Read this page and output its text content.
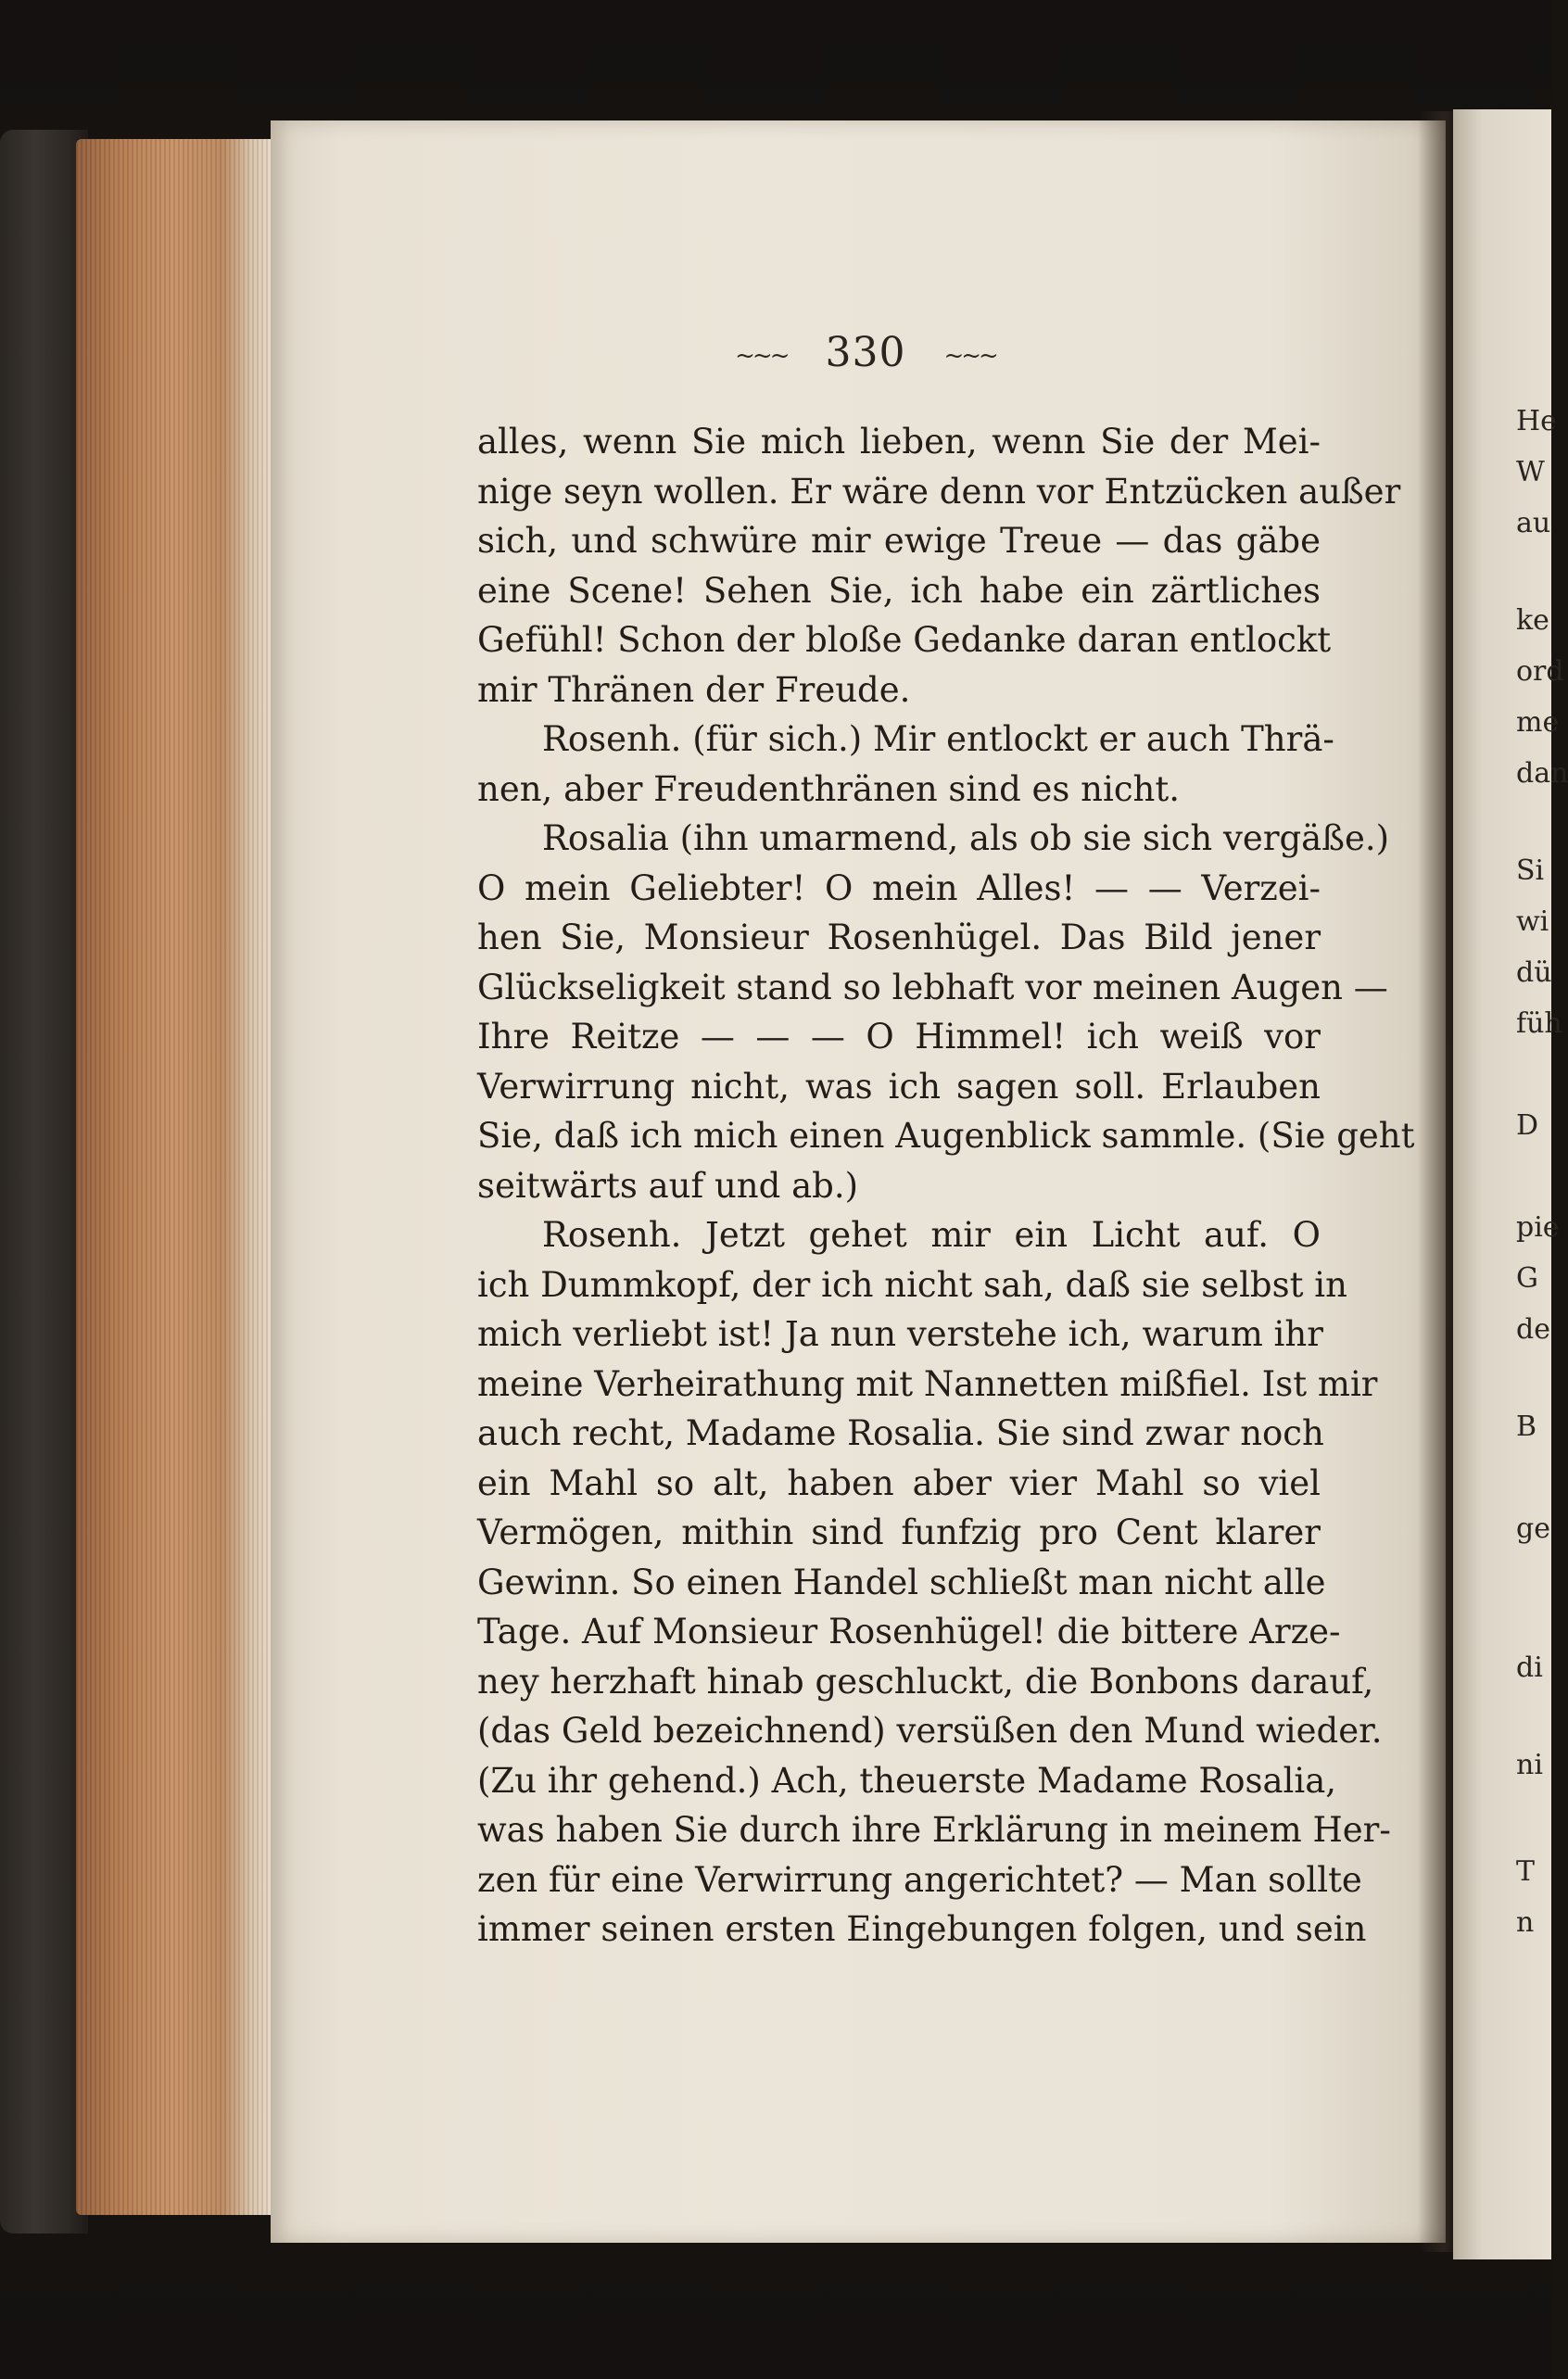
He
W
au
ke
ord
me
dan
Si
wi
dü
füh
D
pie
G
de
B
ge
di
ni
T
n
~~~ 330 ~~~
alles, wenn Sie mich lieben, wenn Sie der Mei-
nige seyn wollen. Er wäre denn vor Entzücken außer
sich, und schwüre mir ewige Treue — das gäbe
eine Scene! Sehen Sie, ich habe ein zärtliches
Gefühl! Schon der bloße Gedanke daran entlockt
mir Thränen der Freude.
Rosenh. (für sich.) Mir entlockt er auch Thrä-
nen, aber Freudenthränen sind es nicht.
Rosalia (ihn umarmend, als ob sie sich vergäße.)
O mein Geliebter! O mein Alles! — — Verzei-
hen Sie, Monsieur Rosenhügel. Das Bild jener
Glückseligkeit stand so lebhaft vor meinen Augen —
Ihre Reitze — — — O Himmel! ich weiß vor
Verwirrung nicht, was ich sagen soll. Erlauben
Sie, daß ich mich einen Augenblick sammle. (Sie geht
seitwärts auf und ab.)
Rosenh. Jetzt gehet mir ein Licht auf. O
ich Dummkopf, der ich nicht sah, daß sie selbst in
mich verliebt ist! Ja nun verstehe ich, warum ihr
meine Verheirathung mit Nannetten mißfiel. Ist mir
auch recht, Madame Rosalia. Sie sind zwar noch
ein Mahl so alt, haben aber vier Mahl so viel
Vermögen, mithin sind funfzig pro Cent klarer
Gewinn. So einen Handel schließt man nicht alle
Tage. Auf Monsieur Rosenhügel! die bittere Arze-
ney herzhaft hinab geschluckt, die Bonbons darauf,
(das Geld bezeichnend) versüßen den Mund wieder.
(Zu ihr gehend.) Ach, theuerste Madame Rosalia,
was haben Sie durch ihre Erklärung in meinem Her-
zen für eine Verwirrung angerichtet? — Man sollte
immer seinen ersten Eingebungen folgen, und sein
